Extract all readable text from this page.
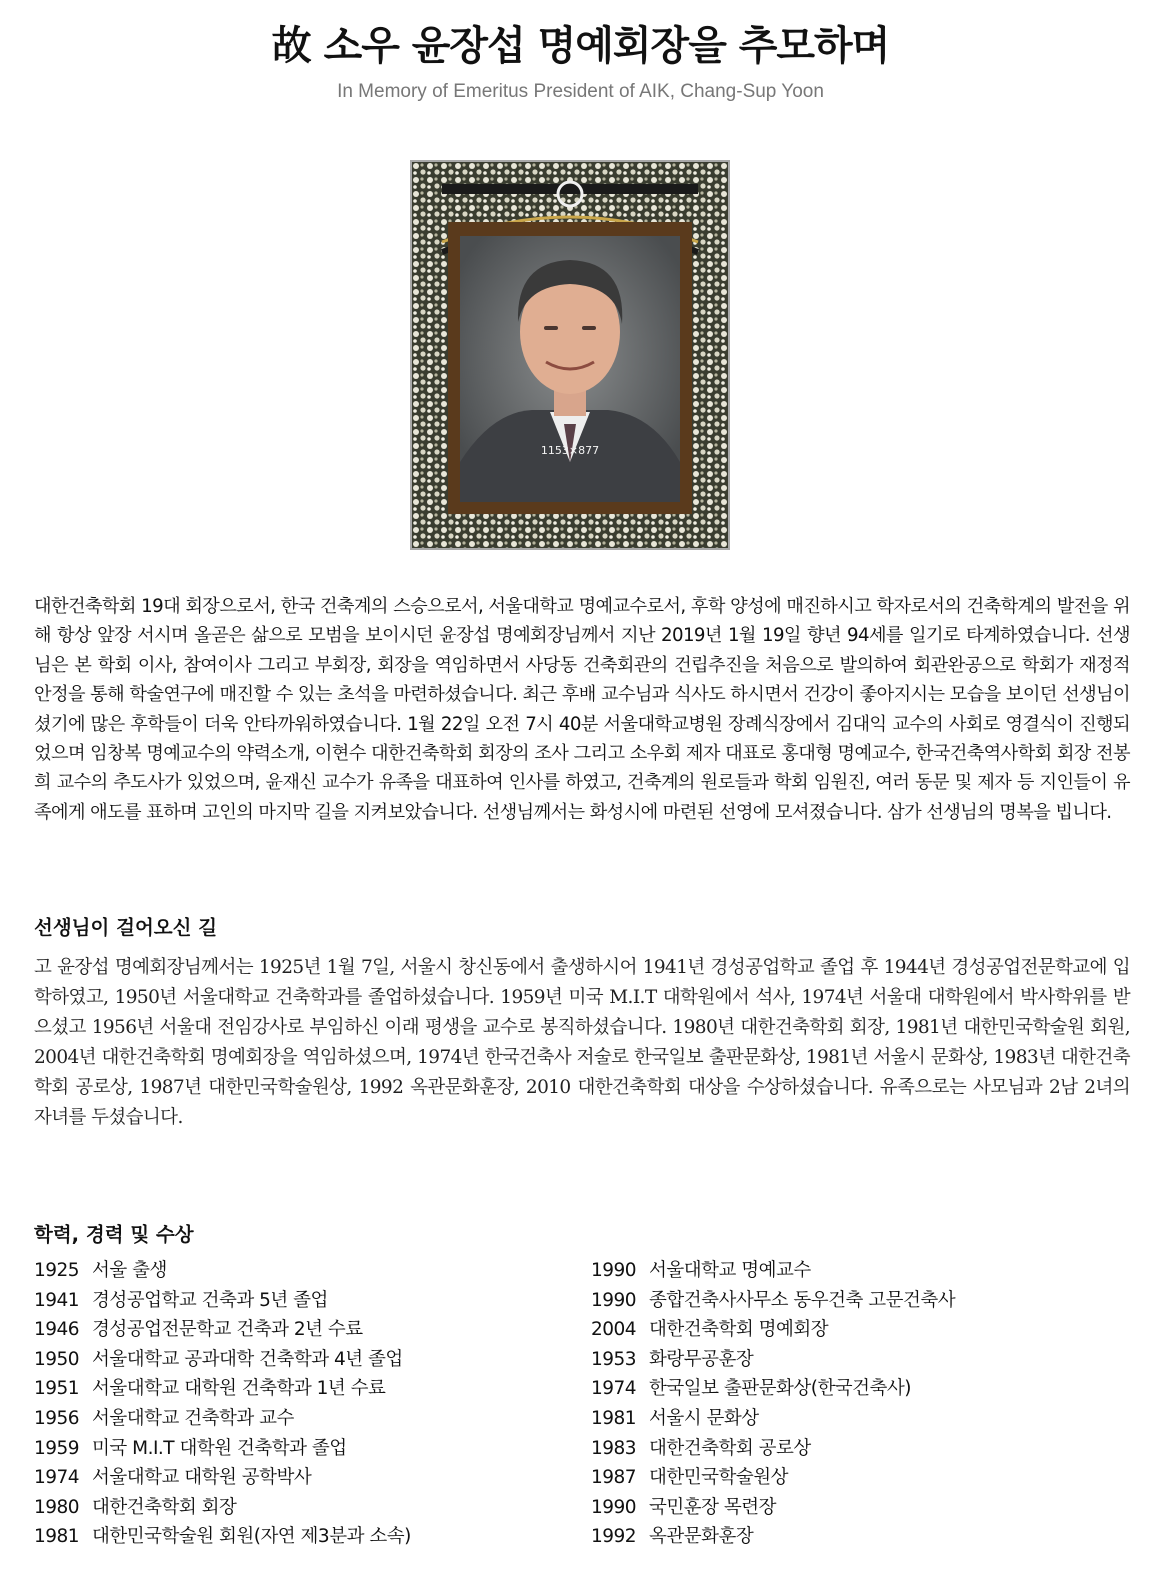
故 소우 윤장섭 명예회장을 추모하며

In Memory of Emeritus President of AIK, Chang-Sup Yoon

1153×877

대한건축학회 19대 회장으로서, 한국 건축계의 스승으로서, 서울대학교 명예교수로서, 후학 양성에 매진하시고 학자로서의 건축학계의 발전을 위해 항상 앞장 서시며 올곧은 삶으로 모범을 보이시던 윤장섭 명예회장님께서 지난 2019년 1월 19일 향년 94세를 일기로 타계하였습니다. 선생님은 본 학회 이사, 참여이사 그리고 부회장, 회장을 역임하면서 사당동 건축회관의 건립추진을 처음으로 발의하여 회관완공으로 학회가 재정적 안정을 통해 학술연구에 매진할 수 있는 초석을 마련하셨습니다. 최근 후배 교수님과 식사도 하시면서 건강이 좋아지시는 모습을 보이던 선생님이셨기에 많은 후학들이 더욱 안타까워하였습니다. 1월 22일 오전 7시 40분 서울대학교병원 장례식장에서 김대익 교수의 사회로 영결식이 진행되었으며 임창복 명예교수의 약력소개, 이현수 대한건축학회 회장의 조사 그리고 소우회 제자 대표로 홍대형 명예교수, 한국건축역사학회 회장 전봉희 교수의 추도사가 있었으며, 윤재신 교수가 유족을 대표하여 인사를 하였고, 건축계의 원로들과 학회 임원진, 여러 동문 및 제자 등 지인들이 유족에게 애도를 표하며 고인의 마지막 길을 지켜보았습니다. 선생님께서는 화성시에 마련된 선영에 모셔졌습니다. 삼가 선생님의 명복을 빕니다.

선생님이 걸어오신 길

고 윤장섭 명예회장님께서는 1925년 1월 7일, 서울시 창신동에서 출생하시어 1941년 경성공업학교 졸업 후 1944년 경성공업전문학교에 입학하였고, 1950년 서울대학교 건축학과를 졸업하셨습니다. 1959년 미국 M.I.T 대학원에서 석사, 1974년 서울대 대학원에서 박사학위를 받으셨고 1956년 서울대 전임강사로 부임하신 이래 평생을 교수로 봉직하셨습니다. 1980년 대한건축학회 회장, 1981년 대한민국학술원 회원, 2004년 대한건축학회 명예회장을 역임하셨으며, 1974년 한국건축사 저술로 한국일보 출판문화상, 1981년 서울시 문화상, 1983년 대한건축학회 공로상, 1987년 대한민국학술원상, 1992 옥관문화훈장, 2010 대한건축학회 대상을 수상하셨습니다. 유족으로는 사모님과 2남 2녀의 자녀를 두셨습니다.

학력, 경력 및 수상
1925 서울 출생
1941 경성공업학교 건축과 5년 졸업
1946 경성공업전문학교 건축과 2년 수료
1950 서울대학교 공과대학 건축학과 4년 졸업
1951 서울대학교 대학원 건축학과 1년 수료
1956 서울대학교 건축학과 교수
1959 미국 M.I.T 대학원 건축학과 졸업
1974 서울대학교 대학원 공학박사
1980 대한건축학회 회장
1981 대한민국학술원 회원(자연 제3분과 소속)
1990 서울대학교 명예교수
1990 종합건축사사무소 동우건축 고문건축사
2004 대한건축학회 명예회장
1953 화랑무공훈장
1974 한국일보 출판문화상(한국건축사)
1981 서울시 문화상
1983 대한건축학회 공로상
1987 대한민국학술원상
1990 국민훈장 목련장
1992 옥관문화훈장
